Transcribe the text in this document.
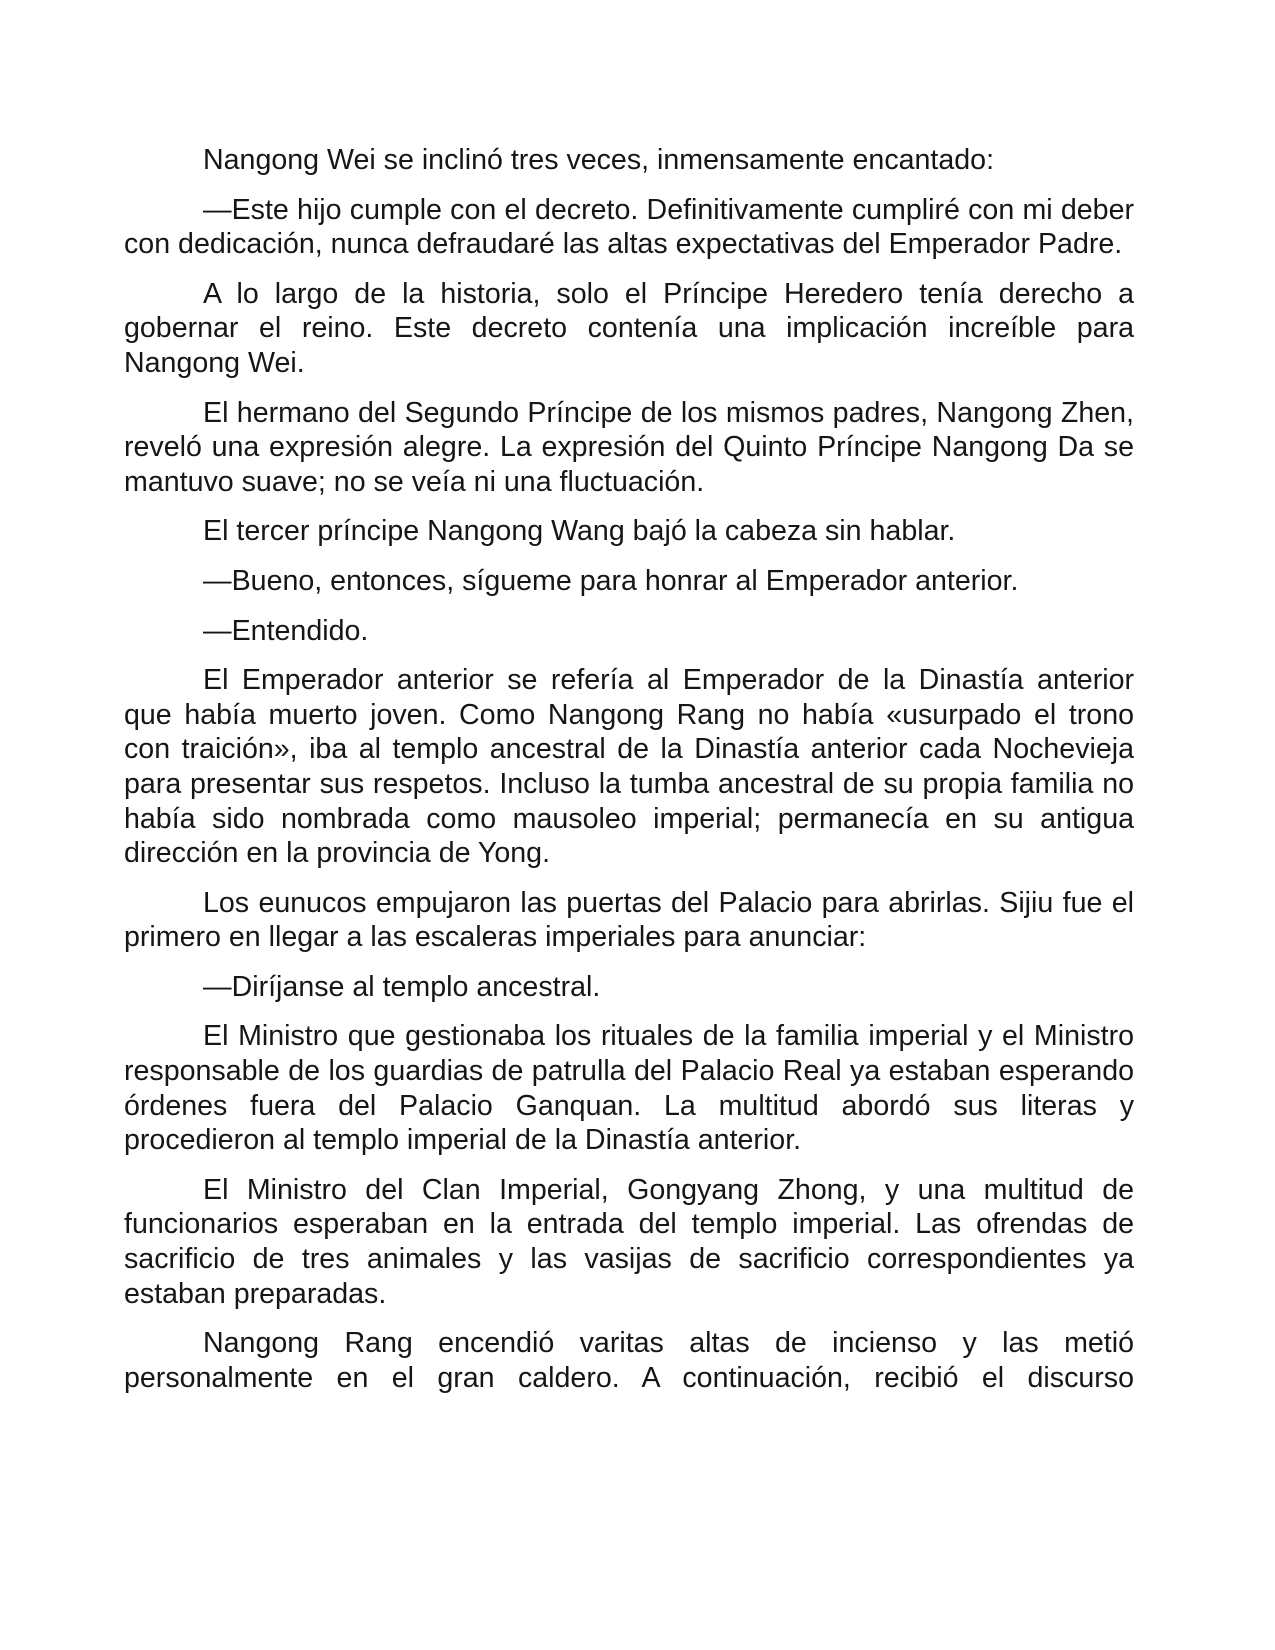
Nangong Wei se inclinó tres veces, inmensamente encantado:

—Este hijo cumple con el decreto. Definitivamente cumpliré con mi deber con dedicación, nunca defraudaré las altas expectativas del Emperador Padre.

A lo largo de la historia, solo el Príncipe Heredero tenía derecho a gobernar el reino. Este decreto contenía una implicación increíble para Nangong Wei.

El hermano del Segundo Príncipe de los mismos padres, Nangong Zhen, reveló una expresión alegre. La expresión del Quinto Príncipe Nangong Da se mantuvo suave; no se veía ni una fluctuación.

El tercer príncipe Nangong Wang bajó la cabeza sin hablar.

—Bueno, entonces, sígueme para honrar al Emperador anterior.

—Entendido.

El Emperador anterior se refería al Emperador de la Dinastía anterior que había muerto joven. Como Nangong Rang no había «usurpado el trono con traición», iba al templo ancestral de la Dinastía anterior cada Nochevieja para presentar sus respetos. Incluso la tumba ancestral de su propia familia no había sido nombrada como mausoleo imperial; permanecía en su antigua dirección en la provincia de Yong.

Los eunucos empujaron las puertas del Palacio para abrirlas. Sijiu fue el primero en llegar a las escaleras imperiales para anunciar:

—Diríjanse al templo ancestral.

El Ministro que gestionaba los rituales de la familia imperial y el Ministro responsable de los guardias de patrulla del Palacio Real ya estaban esperando órdenes fuera del Palacio Ganquan. La multitud abordó sus literas y procedieron al templo imperial de la Dinastía anterior.

El Ministro del Clan Imperial, Gongyang Zhong, y una multitud de funcionarios esperaban en la entrada del templo imperial. Las ofrendas de sacrificio de tres animales y las vasijas de sacrificio correspondientes ya estaban preparadas.

Nangong Rang encendió varitas altas de incienso y las metió personalmente en el gran caldero. A continuación, recibió el discurso
